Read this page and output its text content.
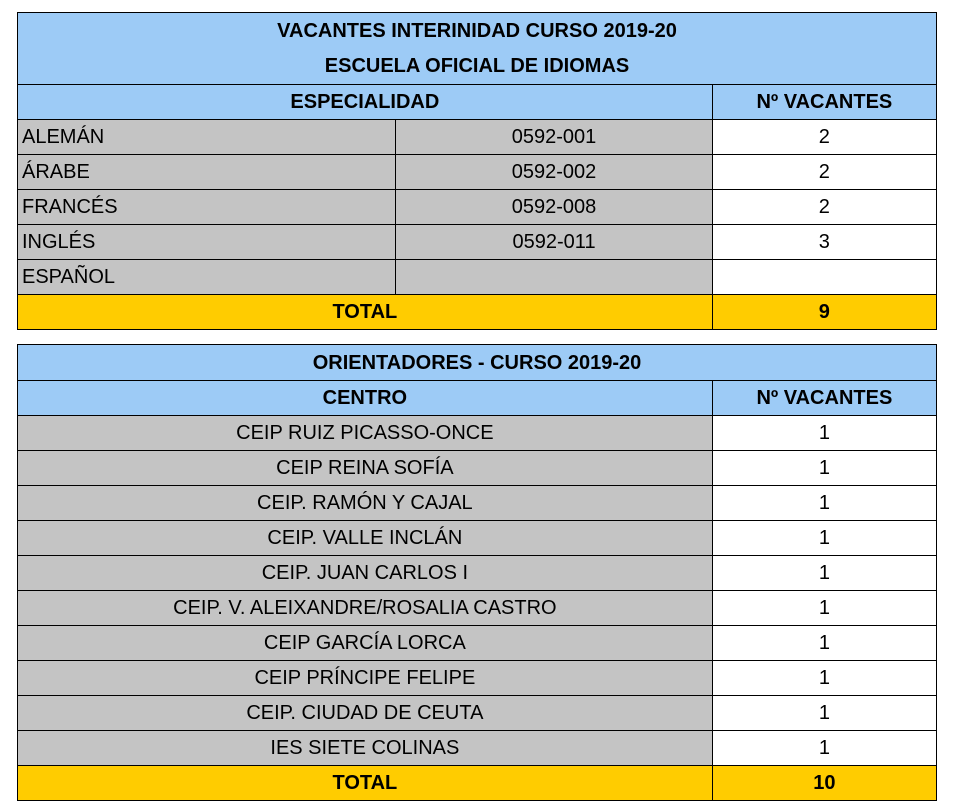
VACANTES INTERINIDAD CURSO 2019-20		
ESCUELA OFICIAL DE IDIOMAS		
ESPECIALIDAD		Nº VACANTES
ALEMÁN	0592-001	2
ÁRABE	0592-002	2
FRANCÉS	0592-008	2
INGLÉS	0592-011	3
ESPAÑOL		
TOTAL		9
ORIENTADORES - CURSO 2019-20	
CENTRO	Nº VACANTES
CEIP RUIZ PICASSO-ONCE	1
CEIP REINA SOFÍA	1
CEIP. RAMÓN Y CAJAL	1
CEIP. VALLE INCLÁN	1
CEIP. JUAN CARLOS I	1
CEIP. V. ALEIXANDRE/ROSALIA CASTRO	1
CEIP GARCÍA LORCA	1
CEIP PRÍNCIPE FELIPE	1
CEIP. CIUDAD DE CEUTA	1
IES SIETE COLINAS	1
TOTAL	10
